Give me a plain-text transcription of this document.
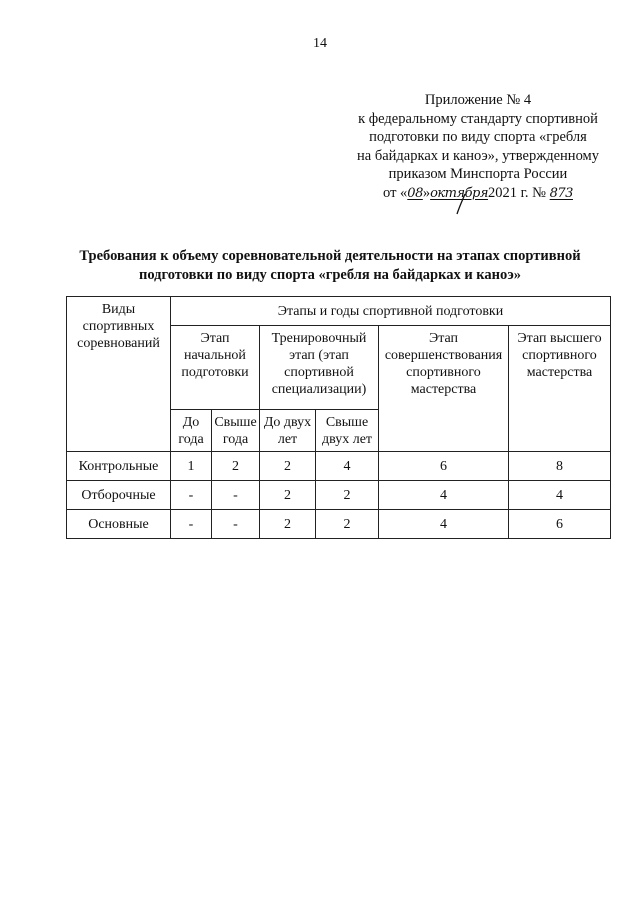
14
Приложение № 4
к федеральному стандарту спортивной
подготовки по виду спорта «гребля
на байдарках и каноэ», утвержденному
приказом Минспорта России
от «08»октября2021 г. № 873
Требования к объему соревновательной деятельности на этапах спортивной
подготовки по виду спорта «гребля на байдарках и каноэ»
Виды спортивных соревнований	Этапы и годы спортивной подготовки					
	Этап начальной подготовки		Тренировочный этап (этап спортивной специализации)		Этап совершенствования спортивного мастерства	Этап высшего спортивного мастерства
	До года	Свыше года	До двух лет	Свыше двух лет		
Контрольные	1	2	2	4	6	8
Отборочные	-	-	2	2	4	4
Основные	-	-	2	2	4	6
